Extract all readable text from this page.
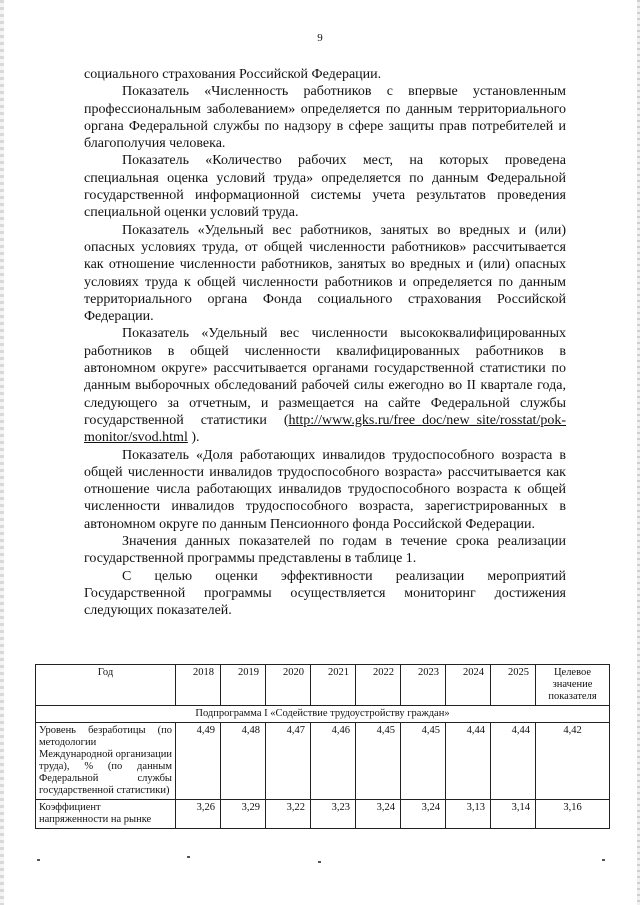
9

социального страхования Российской Федерации.

Показатель «Численность работников с впервые установленным профессиональным заболеванием» определяется по данным территориального органа Федеральной службы по надзору в сфере защиты прав потребителей и благополучия человека.

Показатель «Количество рабочих мест, на которых проведена специальная оценка условий труда» определяется по данным Федеральной государственной информационной системы учета результатов проведения специальной оценки условий труда.

Показатель «Удельный вес работников, занятых во вредных и (или) опасных условиях труда, от общей численности работников» рассчитывается как отношение численности работников, занятых во вредных и (или) опасных условиях труда к общей численности работников и определяется по данным территориального органа Фонда социального страхования Российской Федерации.

Показатель «Удельный вес численности высококвалифицированных работников в общей численности квалифицированных работников в автономном округе» рассчитывается органами государственной статистики по данным выборочных обследований рабочей силы ежегодно во II квартале года, следующего за отчетным, и размещается на сайте Федеральной службы государственной статистики (http://www.gks.ru/free_doc/new_site/rosstat/pok-monitor/svod.html ).

Показатель «Доля работающих инвалидов трудоспособного возраста в общей численности инвалидов трудоспособного возраста» рассчитывается как отношение числа работающих инвалидов трудоспособного возраста к общей численности инвалидов трудоспособного возраста, зарегистрированных в автономном округе по данным Пенсионного фонда Российской Федерации.

Значения данных показателей по годам в течение срока реализации государственной программы представлены в таблице 1.

С целью оценки эффективности реализации мероприятий Государственной программы осуществляется мониторинг достижения следующих показателей.

Год	2018	2019	2020	2021	2022	2023	2024	2025	Целевое значение показателя
Подпрограмма I «Содействие трудоустройству граждан»									
Уровень безработицы (по методологии Международной организации труда), % (по данным Федеральной службы государственной статистики)	4,49	4,48	4,47	4,46	4,45	4,45	4,44	4,44	4,42
Коэффициент напряженности на рынке	3,26	3,29	3,22	3,23	3,24	3,24	3,13	3,14	3,16
